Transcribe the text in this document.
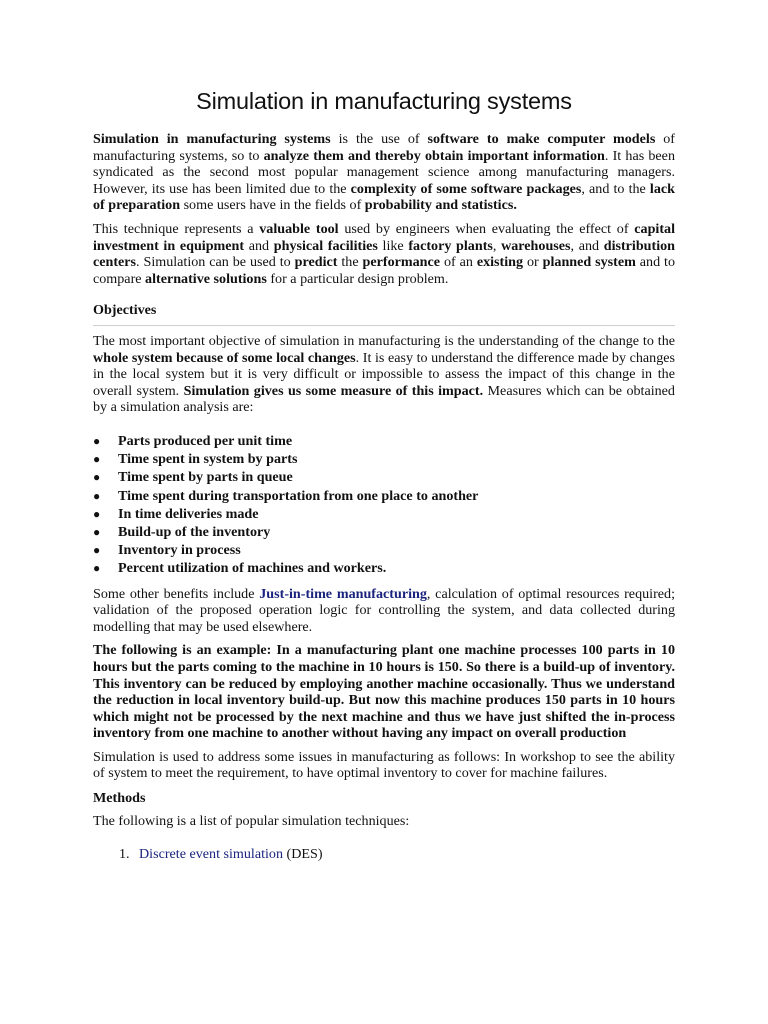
Simulation in manufacturing systems

Simulation in manufacturing systems is the use of software to make computer models of manufacturing systems, so to analyze them and thereby obtain important information. It has been syndicated as the second most popular management science among manufacturing managers. However, its use has been limited due to the complexity of some software packages, and to the lack of preparation some users have in the fields of probability and statistics.

This technique represents a valuable tool used by engineers when evaluating the effect of capital investment in equipment and physical facilities like factory plants, warehouses, and distribution centers. Simulation can be used to predict the performance of an existing or planned system and to compare alternative solutions for a particular design problem.

Objectives

The most important objective of simulation in manufacturing is the understanding of the change to the whole system because of some local changes. It is easy to understand the difference made by changes in the local system but it is very difficult or impossible to assess the impact of this change in the overall system. Simulation gives us some measure of this impact. Measures which can be obtained by a simulation analysis are:

● Parts produced per unit time
● Time spent in system by parts
● Time spent by parts in queue
● Time spent during transportation from one place to another
● In time deliveries made
● Build-up of the inventory
● Inventory in process
● Percent utilization of machines and workers.

Some other benefits include Just-in-time manufacturing, calculation of optimal resources required; validation of the proposed operation logic for controlling the system, and data collected during modelling that may be used elsewhere.

The following is an example: In a manufacturing plant one machine processes 100 parts in 10 hours but the parts coming to the machine in 10 hours is 150. So there is a build-up of inventory. This inventory can be reduced by employing another machine occasionally. Thus we understand the reduction in local inventory build-up. But now this machine produces 150 parts in 10 hours which might not be processed by the next machine and thus we have just shifted the in-process inventory from one machine to another without having any impact on overall production

Simulation is used to address some issues in manufacturing as follows: In workshop to see the ability of system to meet the requirement, to have optimal inventory to cover for machine failures.

Methods

The following is a list of popular simulation techniques:

1. Discrete event simulation (DES)
